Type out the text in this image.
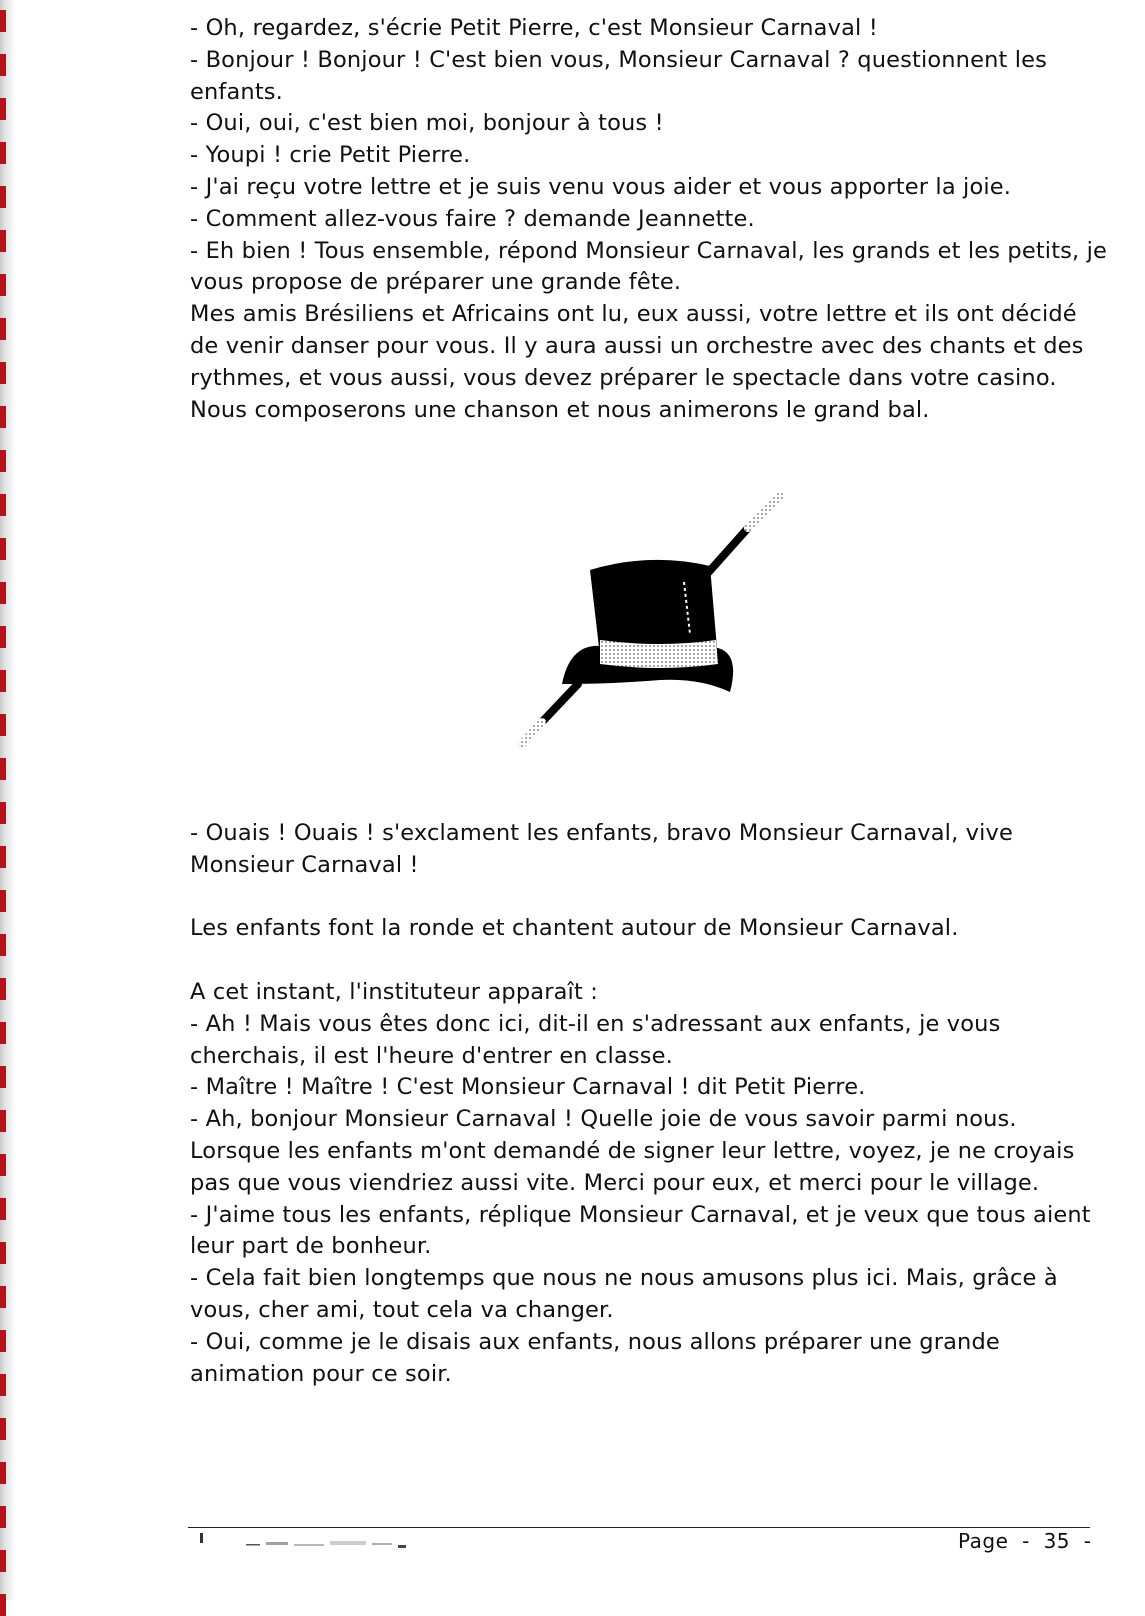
- Oh, regardez, s'écrie Petit Pierre, c'est Monsieur Carnaval !

- Bonjour ! Bonjour ! C'est bien vous, Monsieur Carnaval ? questionnent les enfants.

- Oui, oui, c'est bien moi, bonjour à tous !

- Youpi ! crie Petit Pierre.

- J'ai reçu votre lettre et je suis venu vous aider et vous apporter la joie.

- Comment allez-vous faire ? demande Jeannette.

- Eh bien ! Tous ensemble, répond Monsieur Carnaval, les grands et les petits, je vous propose de préparer une grande fête.

Mes amis Brésiliens et Africains ont lu, eux aussi, votre lettre et ils ont décidé de venir danser pour vous. Il y aura aussi un orchestre avec des chants et des rythmes, et vous aussi, vous devez préparer le spectacle dans votre casino. Nous composerons une chanson et nous animerons le grand bal.

- Ouais ! Ouais ! s'exclament les enfants, bravo Monsieur Carnaval, vive Monsieur Carnaval !

Les enfants font la ronde et chantent autour de Monsieur Carnaval.

A cet instant, l'instituteur apparaît :

- Ah ! Mais vous êtes donc ici, dit-il en s'adressant aux enfants, je vous cherchais, il est l'heure d'entrer en classe.

- Maître ! Maître ! C'est Monsieur Carnaval ! dit Petit Pierre.

- Ah, bonjour Monsieur Carnaval ! Quelle joie de vous savoir parmi nous. Lorsque les enfants m'ont demandé de signer leur lettre, voyez, je ne croyais pas que vous viendriez aussi vite. Merci pour eux, et merci pour le village.

- J'aime tous les enfants, réplique Monsieur Carnaval, et je veux que tous aient leur part de bonheur.

- Cela fait bien longtemps que nous ne nous amusons plus ici. Mais, grâce à vous, cher ami, tout cela va changer.

- Oui, comme je le disais aux enfants, nous allons préparer une grande animation pour ce soir.

Page  -  35  -
